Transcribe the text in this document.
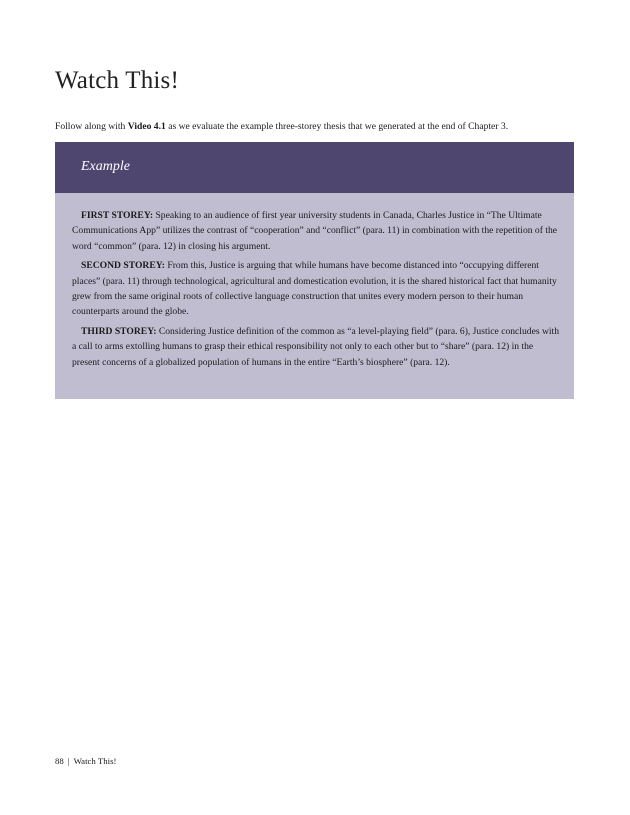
Watch This!

Follow along with Video 4.1 as we evaluate the example three-storey thesis that we generated at the end of Chapter 3.

Example

FIRST STOREY: Speaking to an audience of first year university students in Canada, Charles Justice in “The Ultimate Communications App” utilizes the contrast of “cooperation” and “conflict” (para. 11) in combination with the repetition of the word “common” (para. 12) in closing his argument.

SECOND STOREY: From this, Justice is arguing that while humans have become distanced into “occupying different places” (para. 11) through technological, agricultural and domestication evolution, it is the shared historical fact that humanity grew from the same original roots of collective language construction that unites every modern person to their human counterparts around the globe.

THIRD STOREY: Considering Justice definition of the common as “a level-playing field” (para. 6), Justice concludes with a call to arms extolling humans to grasp their ethical responsibility not only to each other but to “share” (para. 12) in the present concerns of a globalized population of humans in the entire “Earth’s biosphere” (para. 12).

88 | Watch This!
